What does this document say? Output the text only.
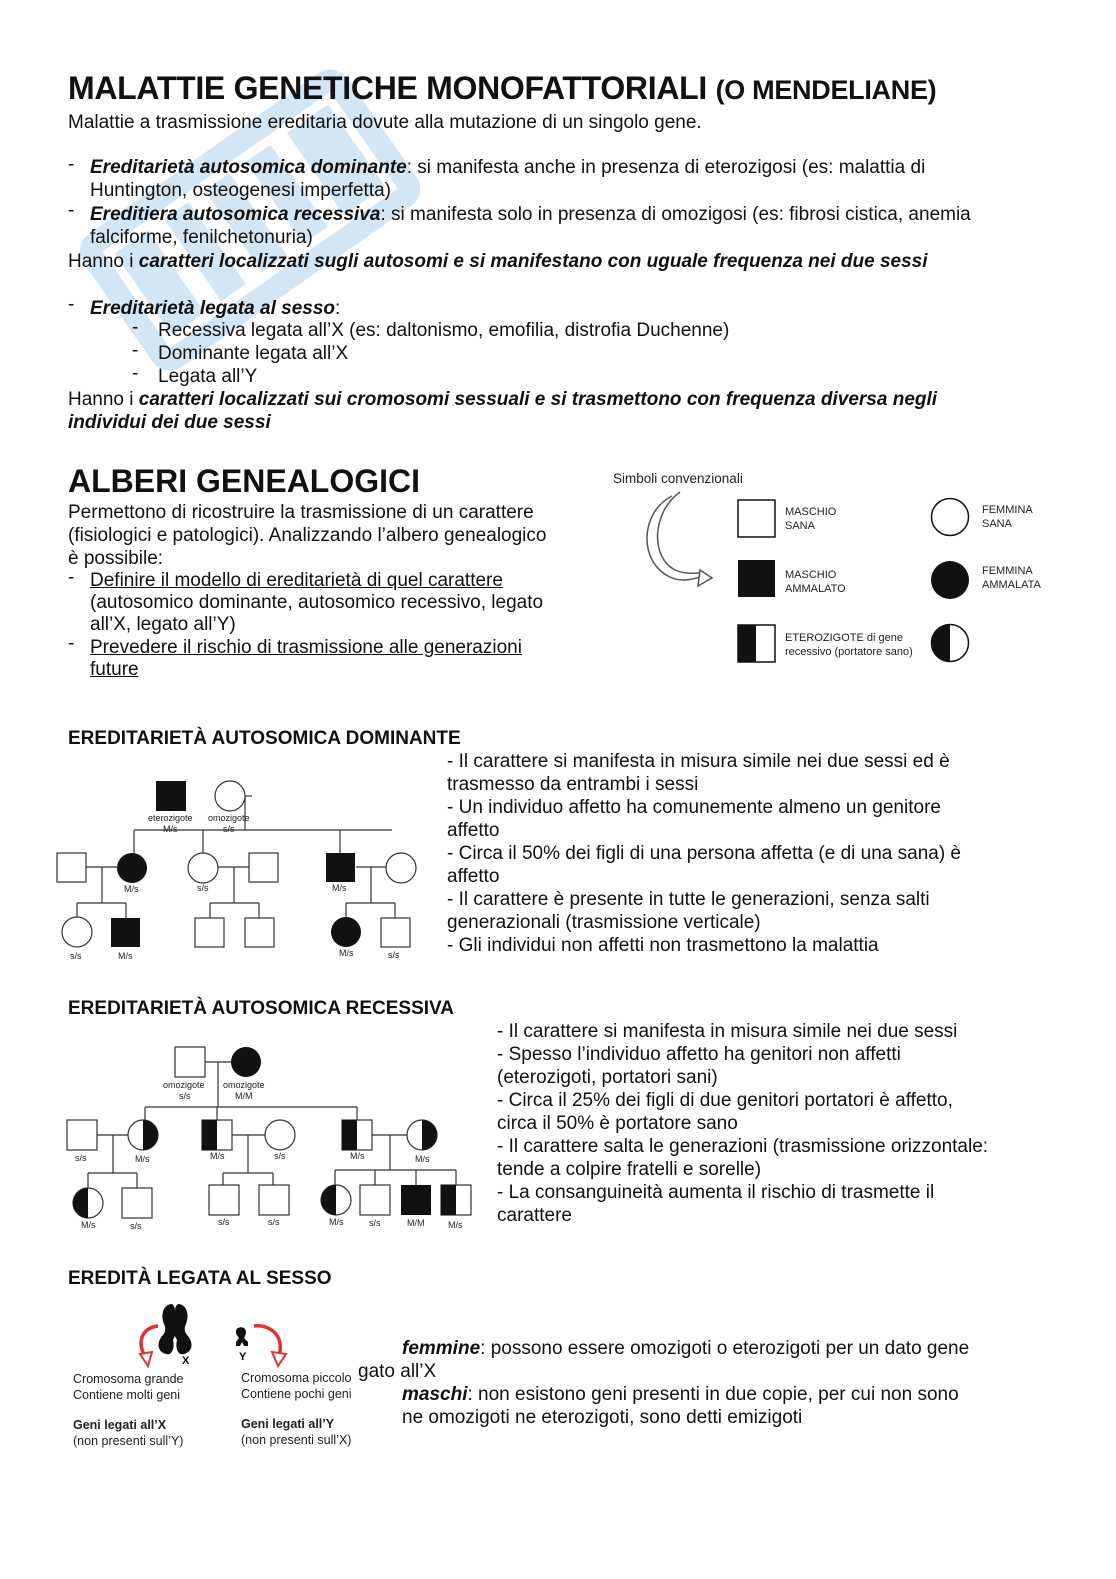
MALATTIE GENETICHE MONOFATTORIALI (O MENDELIANE)
Malattie a trasmissione ereditaria dovute alla mutazione di un singolo gene.
- Ereditarietà autosomica dominante: si manifesta anche in presenza di eterozigosi (es: malattia di
Huntington, osteogenesi imperfetta)
- Ereditiera autosomica recessiva: si manifesta solo in presenza di omozigosi (es: fibrosi cistica, anemia
falciforme, fenilchetonuria)
Hanno i caratteri localizzati sugli autosomi e si manifestano con uguale frequenza nei due sessi
- Ereditarietà legata al sesso:
- Recessiva legata all’X (es: daltonismo, emofilia, distrofia Duchenne)
- Dominante legata all’X
- Legata all’Y
Hanno i caratteri localizzati sui cromosomi sessuali e si trasmettono con frequenza diversa negli
individui dei due sessi
ALBERI GENEALOGICI
Permettono di ricostruire la trasmissione di un carattere
(fisiologici e patologici). Analizzando l’albero genealogico
è possibile:
- Definire il modello di ereditarietà di quel carattere
(autosomico dominante, autosomico recessivo, legato
all’X, legato all’Y)
- Prevedere il rischio di trasmissione alle generazioni
future
Simboli convenzionali
MASCHIO
SANA
FEMMINA
SANA
MASCHIO
AMMALATO
FEMMINA
AMMALATA
ETEROZIGOTE di gene
recessivo (portatore sano)
EREDITARIETÀ AUTOSOMICA DOMINANTE
eterozigote
M/s
omozigote
s/s
M/s	s/s	M/s
s/s	M/s	M/s	s/s
- Il carattere si manifesta in misura simile nei due sessi ed è
trasmesso da entrambi i sessi
- Un individuo affetto ha comunemente almeno un genitore
affetto
- Circa il 50% dei figli di una persona affetta (e di una sana) è
affetto
- Il carattere è presente in tutte le generazioni, senza salti
generazionali (trasmissione verticale)
- Gli individui non affetti non trasmettono la malattia
EREDITARIETÀ AUTOSOMICA RECESSIVA
omozigote
s/s
omozigote
M/M
s/s	M/s	M/s	s/s	M/s	M/s
M/s	s/s	s/s	s/s	M/s	s/s	M/M	M/s
- Il carattere si manifesta in misura simile nei due sessi
- Spesso l’individuo affetto ha genitori non affetti
(eterozigoti, portatori sani)
- Circa il 25% dei figli di due genitori portatori è affetto,
circa il 50% è portatore sano
- Il carattere salta le generazioni (trasmissione orizzontale:
tende a colpire fratelli e sorelle)
- La consanguineità aumenta il rischio di trasmette il
carattere
EREDITÀ LEGATA AL SESSO
X	Y
Cromosoma grande
Contiene molti geni
Geni legati all’X
(non presenti sull’Y)
Cromosoma piccolo
Contiene pochi geni
Geni legati all’Y
(non presenti sull’X)
gato all’X
femmine: possono essere omozigoti o eterozigoti per un dato gene
maschi: non esistono geni presenti in due copie, per cui non sono
ne omozigoti ne eterozigoti, sono detti emizigoti
